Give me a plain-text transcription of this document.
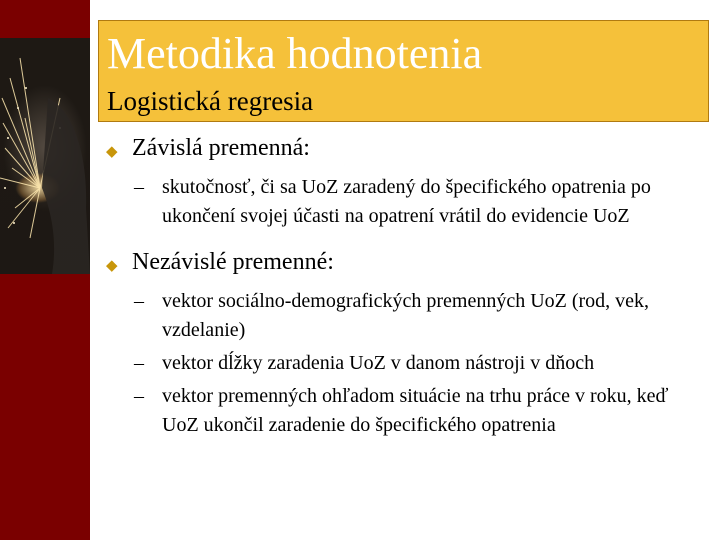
Metodika hodnotenia
Logistická regresia
◆ Závislá premenná:
– skutočnosť, či sa UoZ zaradený do špecifického opatrenia po ukončení svojej účasti na opatrení vrátil do evidencie UoZ
◆ Nezávislé premenné:
– vektor sociálno-demografických premenných UoZ (rod, vek, vzdelanie)
– vektor dĺžky zaradenia UoZ v danom nástroji v dňoch
– vektor premenných ohľadom situácie na trhu práce v roku, keď UoZ ukončil zaradenie do špecifického opatrenia
